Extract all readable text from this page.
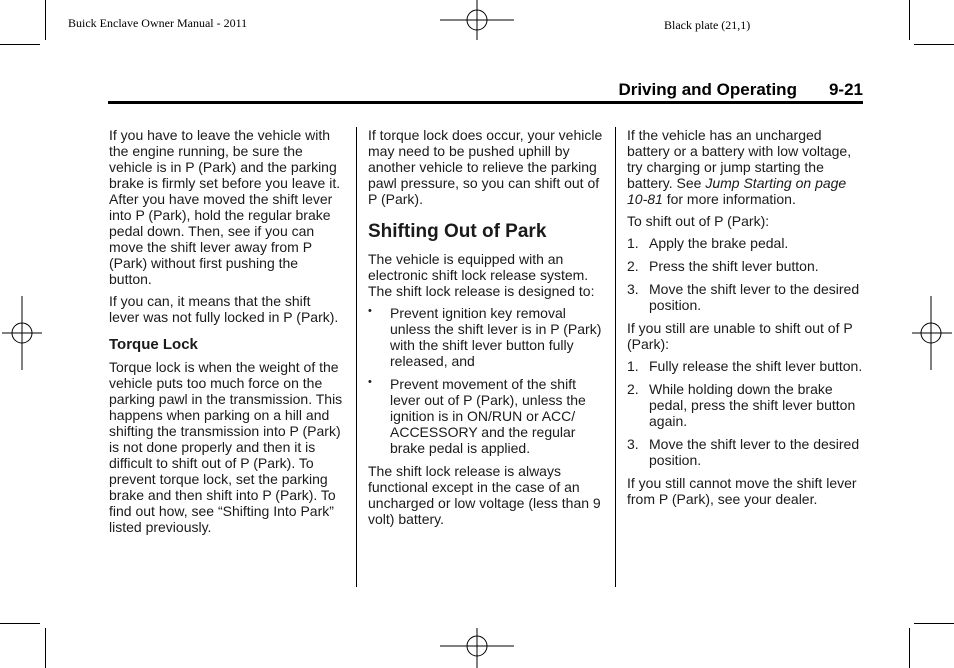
Buick Enclave Owner Manual - 2011	Black plate (21,1)
Driving and Operating 9-21

If you have to leave the vehicle with the engine running, be sure the vehicle is in P (Park) and the parking brake is firmly set before you leave it. After you have moved the shift lever into P (Park), hold the regular brake pedal down. Then, see if you can move the shift lever away from P (Park) without first pushing the button.

If you can, it means that the shift lever was not fully locked in P (Park).

Torque Lock

Torque lock is when the weight of the vehicle puts too much force on the parking pawl in the transmission. This happens when parking on a hill and shifting the transmission into P (Park) is not done properly and then it is difficult to shift out of P (Park). To prevent torque lock, set the parking brake and then shift into P (Park). To find out how, see “Shifting Into Park” listed previously.

If torque lock does occur, your vehicle may need to be pushed uphill by another vehicle to relieve the parking pawl pressure, so you can shift out of P (Park).

Shifting Out of Park

The vehicle is equipped with an electronic shift lock release system. The shift lock release is designed to:

• Prevent ignition key removal unless the shift lever is in P (Park) with the shift lever button fully released, and
• Prevent movement of the shift lever out of P (Park), unless the ignition is in ON/RUN or ACC/ ACCESSORY and the regular brake pedal is applied.

The shift lock release is always functional except in the case of an uncharged or low voltage (less than 9 volt) battery.

If the vehicle has an uncharged battery or a battery with low voltage, try charging or jump starting the battery. See Jump Starting on page 10-81 for more information.

To shift out of P (Park):

1. Apply the brake pedal.
2. Press the shift lever button.
3. Move the shift lever to the desired position.

If you still are unable to shift out of P (Park):

1. Fully release the shift lever button.
2. While holding down the brake pedal, press the shift lever button again.
3. Move the shift lever to the desired position.

If you still cannot move the shift lever from P (Park), see your dealer.
